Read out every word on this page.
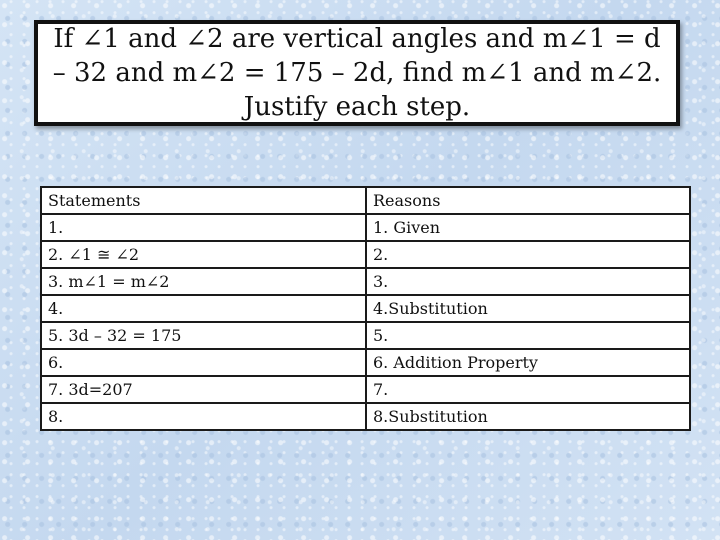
If ∠1 and ∠2 are vertical angles and m∠1 = d – 32 and m∠2 = 175 – 2d, find m∠1 and m∠2. Justify each step.
Statements	Reasons
1.	1. Given
2. ∠1 ≅ ∠2	2.
3. m∠1 = m∠2	3.
4.	4.Substitution
5. 3d – 32 = 175	5.
6.	6. Addition Property
7. 3d=207	7.
8.	8.Substitution
